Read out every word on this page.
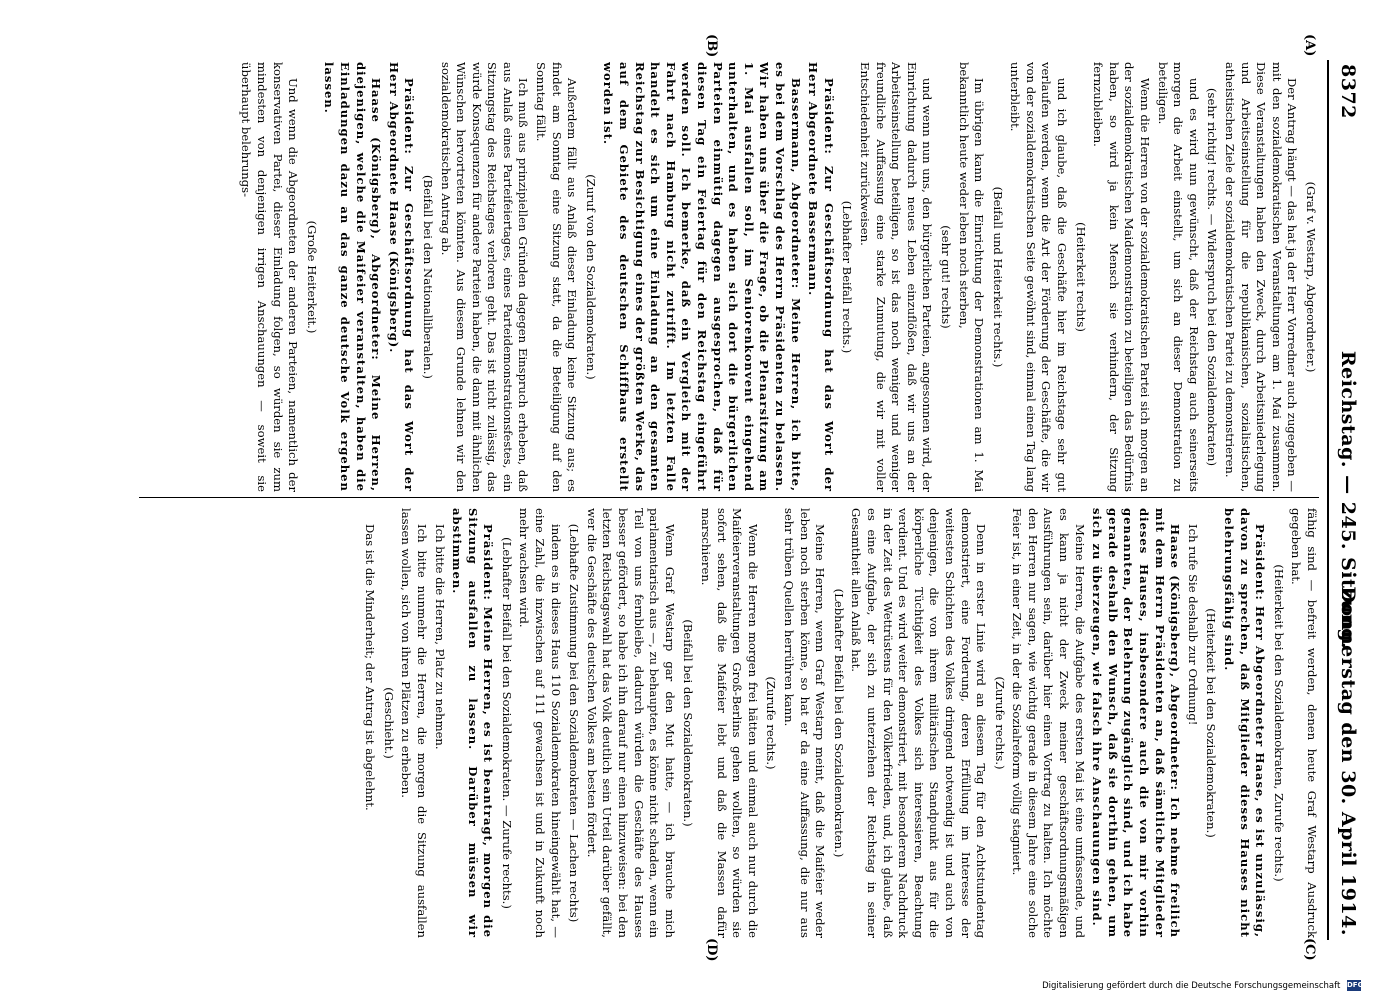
8372
Reichstag. — 245. Sitzung.
Donnerstag den 30. April 1914.
(A)
(B)
(C)
(D)

(Graf v. Westarp, Abgeordneter.)

Der Antrag hängt — das hat ja der Herr Vorredner auch zugegeben — mit den sozialdemokratischen Veranstaltungen am 1. Mai zusammen. Diese Veranstaltungen haben den Zweck, durch Arbeitsniederlegung und Arbeitseinstellung für die republikanischen, sozialistischen, atheistischen Ziele der sozialdemokratischen Partei zu demonstrieren.

(sehr richtig! rechts. — Widerspruch bei den Sozialdemokraten)

und es wird nun gewünscht, daß der Reichstag auch seinerseits morgen die Arbeit einstellt, um sich an dieser Demonstration zu beteiligen.

Wenn die Herren von der sozialdemokratischen Partei sich morgen an der sozialdemokratischen Maidemonstration zu beteiligen das Bedürfnis haben, so wird ja kein Mensch sie verhindern, der Sitzung fernzubleiben.

(Heiterkeit rechts)

und ich glaube, daß die Geschäfte hier im Reichstage sehr gut verlaufen werden, wenn die Art der Förderung der Geschäfte, die wir von der sozialdemokratischen Seite gewöhnt sind, einmal einen Tag lang unterbleibt.

(Beifall und Heiterkeit rechts.)

Im übrigen kann die Einrichtung der Demonstrationen am 1. Mai bekanntlich heute weder leben noch sterben,

(sehr gut! rechts)

und wenn nun uns, den bürgerlichen Parteien, angesonnen wird, der Einrichtung dadurch neues Leben einzuflößen, daß wir uns an der Arbeitseinstellung beteiligen, so ist das noch weniger und weniger freundliche Auffassung eine starke Zumutung, die wir mit voller Entschiedenheit zurückweisen.

(Lebhafter Beifall rechts.)

Präsident: Zur Geschäftsordnung hat das Wort der Herr Abgeordnete Bassermann.

Bassermann, Abgeordneter: Meine Herren, ich bitte, es bei dem Vorschlag des Herrn Präsidenten zu belassen. Wir haben uns über die Frage, ob die Plenarsitzung am 1. Mai ausfallen soll, im Seniorenkonvent eingehend unterhalten, und es haben sich dort die bürgerlichen Parteien einmütig dagegen ausgesprochen, daß für diesen Tag ein Feiertag für den Reichstag eingeführt werden soll. Ich bemerke, daß ein Vergleich mit der Fahrt nach Hamburg nicht zutrifft. Im letzten Falle handelt es sich um eine Einladung an den gesamten Reichstag zur Besichtigung eines der größten Werke, das auf dem Gebiete des deutschen Schiffbaus erstellt worden ist.

(Zuruf von den Sozialdemokraten.)

Außerdem fällt aus Anlaß dieser Einladung keine Sitzung aus; es findet am Sonntag eine Sitzung statt, da die Beteiligung auf den Sonntag fällt.

Ich muß aus prinzipiellen Gründen dagegen Einspruch erheben, daß aus Anlaß eines Parteifeiertages, eines Parteidemonstrationsfestes, ein Sitzungstag des Reichstages verloren geht. Das ist nicht zulässig, das würde Konsequenzen für andere Parteien haben, die dann mit ähnlichen Wünschen hervortreten könnten. Aus diesem Grunde lehnen wir den sozialdemokratischen Antrag ab.

(Beifall bei den Nationalliberalen.)

Präsident: Zur Geschäftsordnung hat das Wort der Herr Abgeordnete Haase (Königsberg).

Haase (Königsberg), Abgeordneter: Meine Herren, diejenigen, welche die Maifeier veranstalten, haben die Einladungen dazu an das ganze deutsche Volk ergehen lassen.

(Große Heiterkeit.)

Und wenn die Abgeordneten der anderen Parteien, namentlich der konservativen Partei, dieser Einladung folgen, so würden sie zum mindesten von denjenigen irrigen Anschauungen — soweit sie überhaupt belehrungs-

fähig sind — befreit werden, denen heute Graf Westarp Ausdruck gegeben hat.

(Heiterkeit bei den Sozialdemokraten, Zurufe rechts.)

Präsident: Herr Abgeordneter Haase, es ist unzulässig, davon zu sprechen, daß Mitglieder dieses Hauses nicht belehrungsfähig sind.

(Heiterkeit bei den Sozialdemokraten.)

Ich rufe Sie deshalb zur Ordnung!

Haase (Königsberg), Abgeordneter: Ich nehme freilich mit dem Herrn Präsidenten an, daß sämtliche Mitglieder dieses Hauses, insbesondere auch die von mir vorhin genannten, der Belehrung zugänglich sind, und ich habe gerade deshalb den Wunsch, daß sie dorthin gehen, um sich zu überzeugen, wie falsch ihre Anschauungen sind.

Meine Herren, die Aufgabe des ersten Mai ist eine umfassende, und es kann ja nicht der Zweck meiner geschäftsordnungsmäßigen Ausführungen sein, darüber hier einen Vortrag zu halten. Ich möchte den Herren nur sagen, wie wichtig gerade in diesem Jahre eine solche Feier ist, in einer Zeit, in der die Sozialreform völlig stagniert.

(Zurufe rechts.)

Denn in erster Linie wird an diesem Tag für den Achtstundentag demonstriert, eine Forderung, deren Erfüllung im Interesse der weitesten Schichten des Volkes dringend notwendig ist und auch von denjenigen, die von ihrem militärischen Standpunkt aus für die körperliche Tüchtigkeit des Volkes sich interessieren, Beachtung verdient. Und es wird weiter demonstriert, mit besonderem Nachdruck in der Zeit des Wettrüstens für den Völkerfrieden, und, ich glaube, daß es eine Aufgabe, der sich zu unterziehen der Reichstag in seiner Gesamtheit allen Anlaß hat.

(Lebhafter Beifall bei den Sozialdemokraten.)

Meine Herren, wenn Graf Westarp meint, daß die Maifeier weder leben noch sterben könne, so hat er da eine Auffassung, die nur aus sehr trüben Quellen herrühren kann.

(Zurufe rechts.)

Wenn die Herren morgen frei hätten und einmal auch nur durch die Maifeierveranstaltungen Groß-Berlins gehen wollten, so würden sie sofort sehen, daß die Maifeier lebt und daß die Massen dafür marschieren.

(Beifall bei den Sozialdemokraten.)

Wenn Graf Westarp gar den Mut hatte, — ich brauche mich parlamentarisch aus —, zu behaupten, es könne nicht schaden, wenn ein Teil von uns fernbleibe, dadurch würden die Geschäfte des Hauses besser gefördert, so habe ich ihn darauf nur einen hinzuweisen: bei den letzten Reichstagswahl hat das Volk deutlich sein Urteil darüber gefällt, wer die Geschäfte des deutschen Volkes am besten fördert.

(Lebhafte Zustimmung bei den Sozialdemokraten — Lachen rechts)

indem es in dieses Haus 110 Sozialdemokraten hineingewählt hat, — eine Zahl, die inzwischen auf 111 gewachsen ist und in Zukunft noch mehr wachsen wird.

(Lebhafter Beifall bei den Sozialdemokraten. — Zurufe rechts.)

Präsident: Meine Herren, es ist beantragt, morgen die Sitzung ausfallen zu lassen. Darüber müssen wir abstimmen.

Ich bitte die Herren, Platz zu nehmen.

Ich bitte nunmehr die Herren, die morgen die Sitzung ausfallen lassen wollen, sich von ihren Plätzen zu erheben.

(Geschieht.)

Das ist die Minderheit; der Antrag ist abgelehnt.

Digitalisierung gefördert durch die Deutsche Forschungsgemeinschaft DFG
